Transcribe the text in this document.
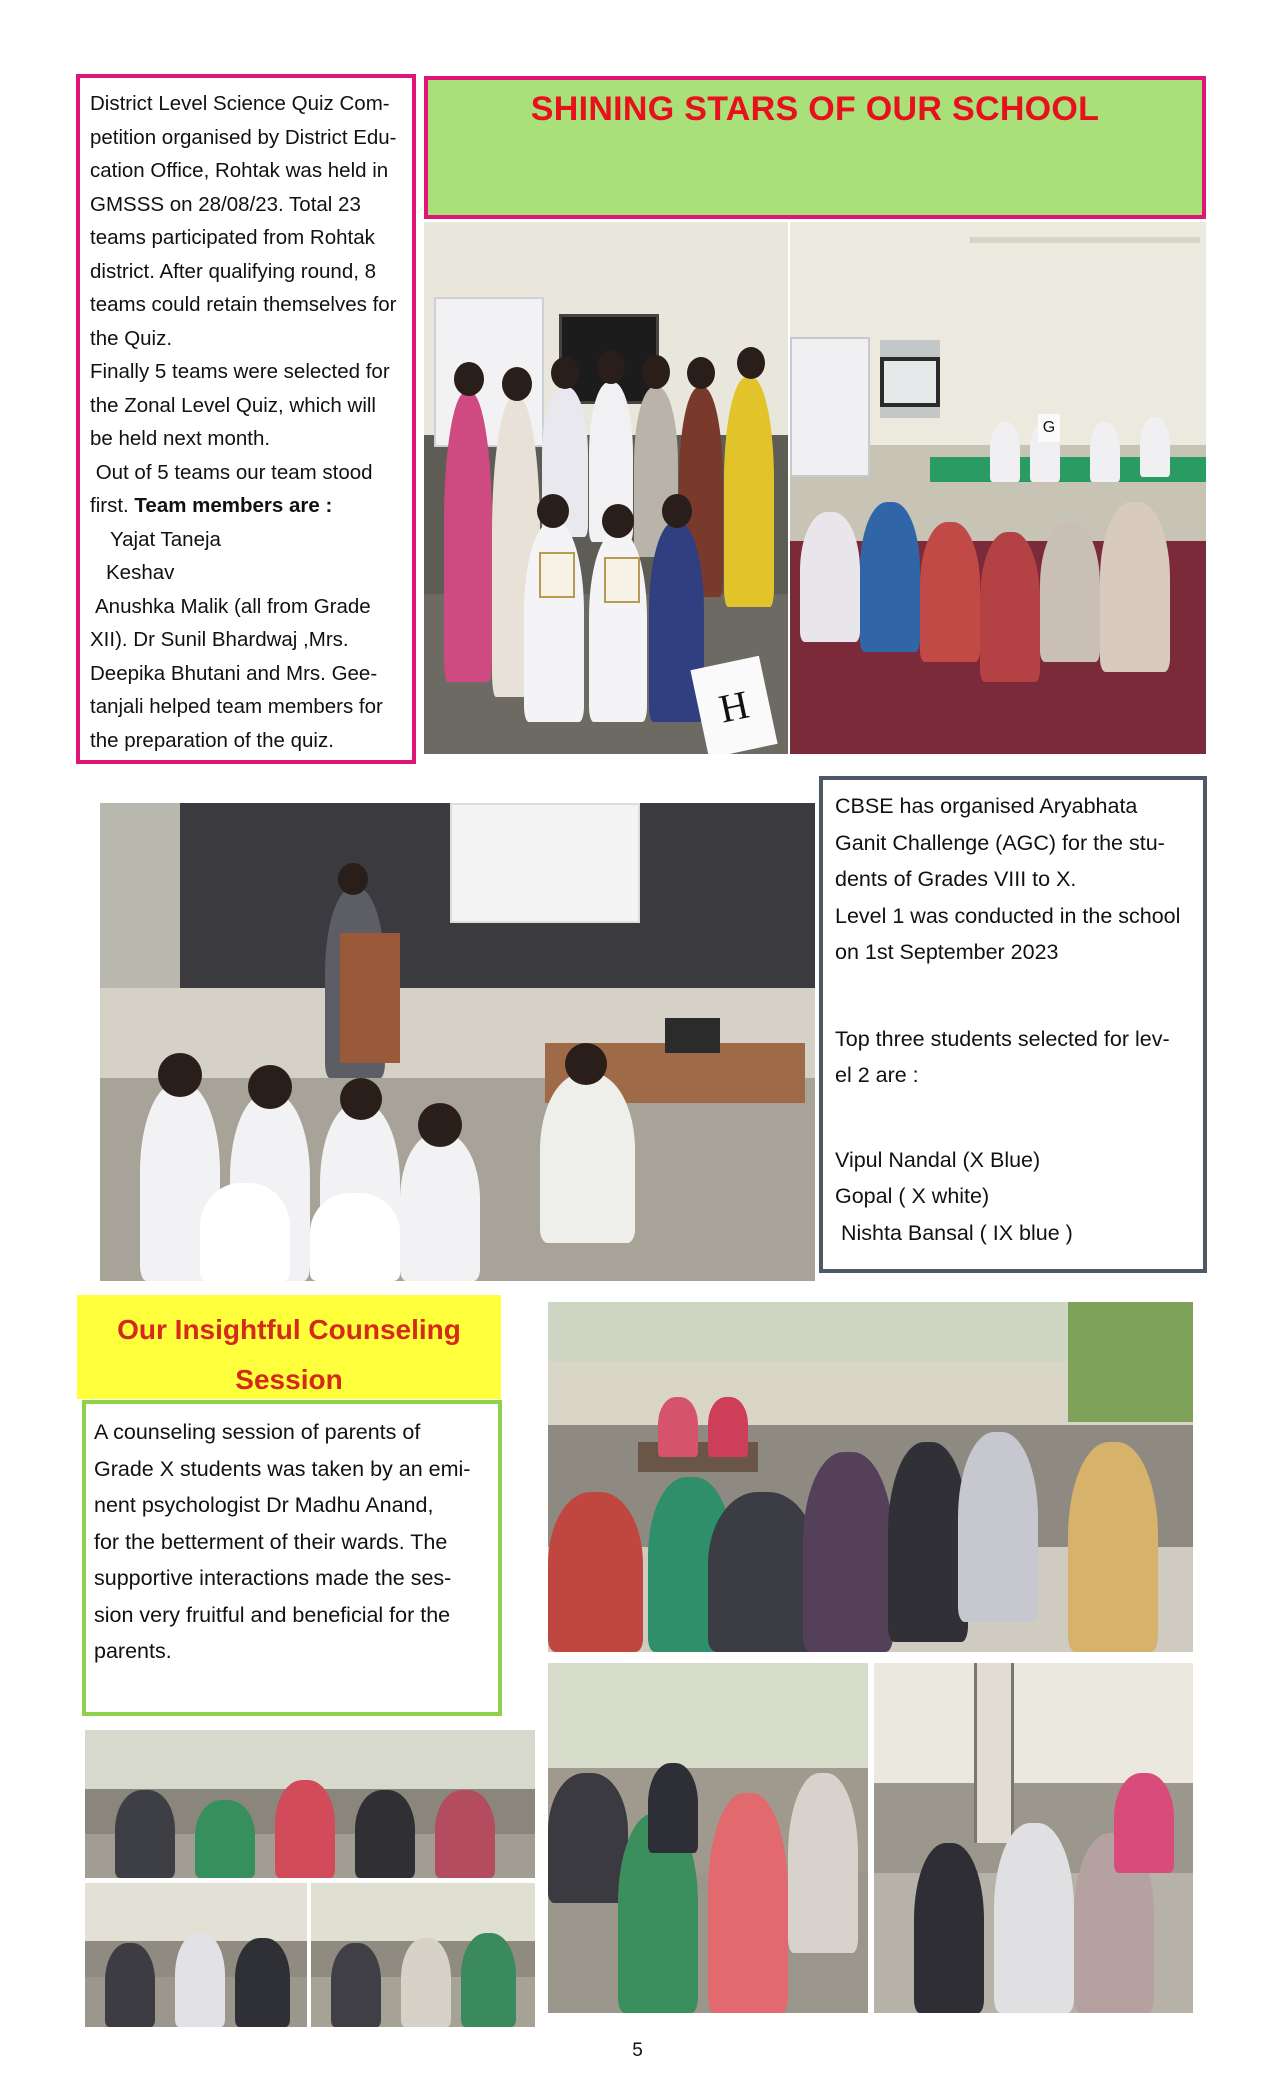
District Level Science Quiz Com-

petition organised by District Edu-

cation Office, Rohtak was held in

GMSSS on 28/08/23. Total 23

teams participated from Rohtak

district. After qualifying round, 8

teams could retain themselves for

the Quiz.

Finally 5 teams were selected for

the Zonal Level Quiz, which will

be held next month.

Out of 5 teams our team stood

first. Team members are :

Yajat Taneja

Keshav

Anushka Malik (all from Grade

XII). Dr Sunil Bhardwaj ,Mrs.

Deepika Bhutani and Mrs. Gee-

tanjali helped team members for

the preparation of the quiz.

SHINING STARS OF OUR SCHOOL
H
G

CBSE has organised Aryabhata

Ganit Challenge (AGC) for the stu-

dents of Grades VIII to X.

Level 1 was conducted in the school

on 1st September 2023

Top three students selected for lev-

el 2 are :

Vipul Nandal (X Blue)

Gopal ( X white)

Nishta Bansal ( IX blue )

Our Insightful Counseling
Session

A counseling session of parents of

Grade X students was taken by an emi-

nent psychologist Dr Madhu Anand,

for the betterment of their wards. The

supportive interactions made the ses-

sion very fruitful and beneficial for the

parents.

5
